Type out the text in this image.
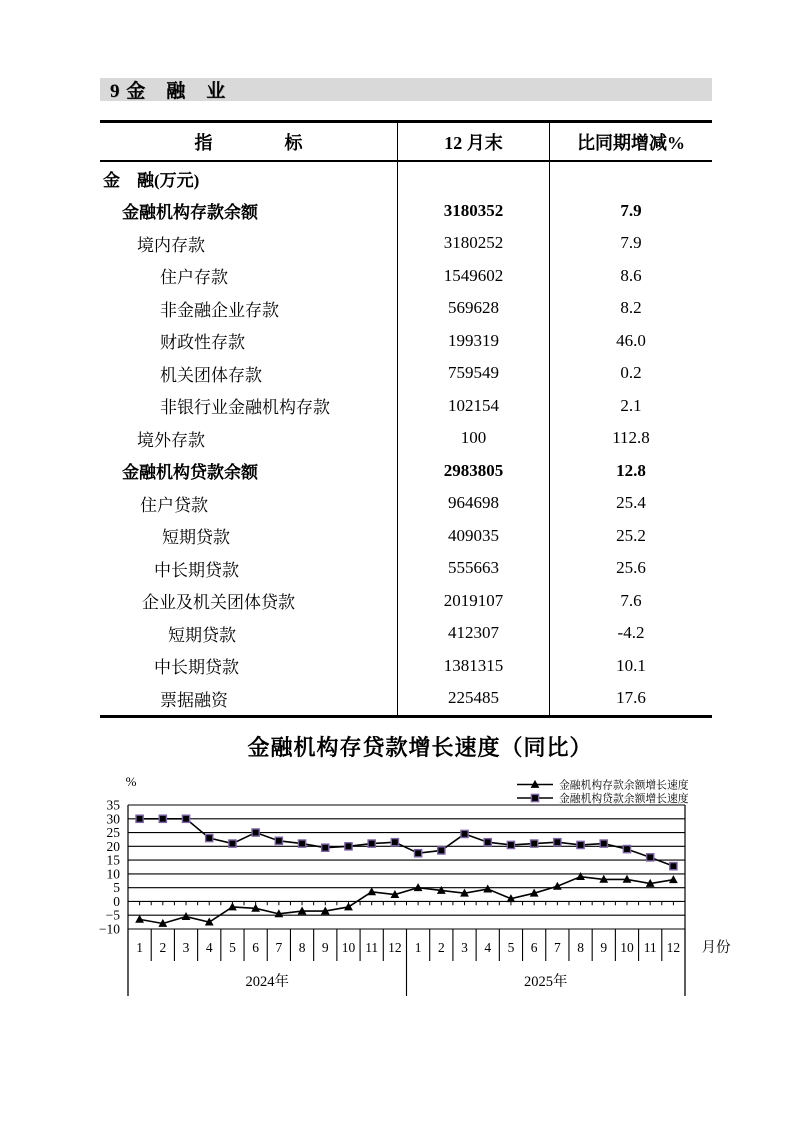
9 金　融　业
指　　　　标	12 月末	比同期增减%
金　融(万元)
金融机构存款余额	3180352	7.9
境内存款	3180252	7.9
住户存款	1549602	8.6
非金融企业存款	569628	8.2
财政性存款	199319	46.0
机关团体存款	759549	0.2
非银行业金融机构存款	102154	2.1
境外存款	100	112.8
金融机构贷款余额	2983805	12.8
住户贷款	964698	25.4
短期贷款	409035	25.2
中长期贷款	555663	25.6
企业及机关团体贷款	2019107	7.6
短期贷款	412307	-4.2
中长期贷款	1381315	10.1
票据融资	225485	17.6
金融机构存贷款增长速度（同比）
%
35
30
25
20
15
10
5
0
−5
−10
1 2 3 4 5 6 7 8 9 10 11 12
2024年
1 2 3 4 5 6 7 8 9 10 11 12
2025年
月份
金融机构存款余额增长速度
金融机构贷款余额增长速度
